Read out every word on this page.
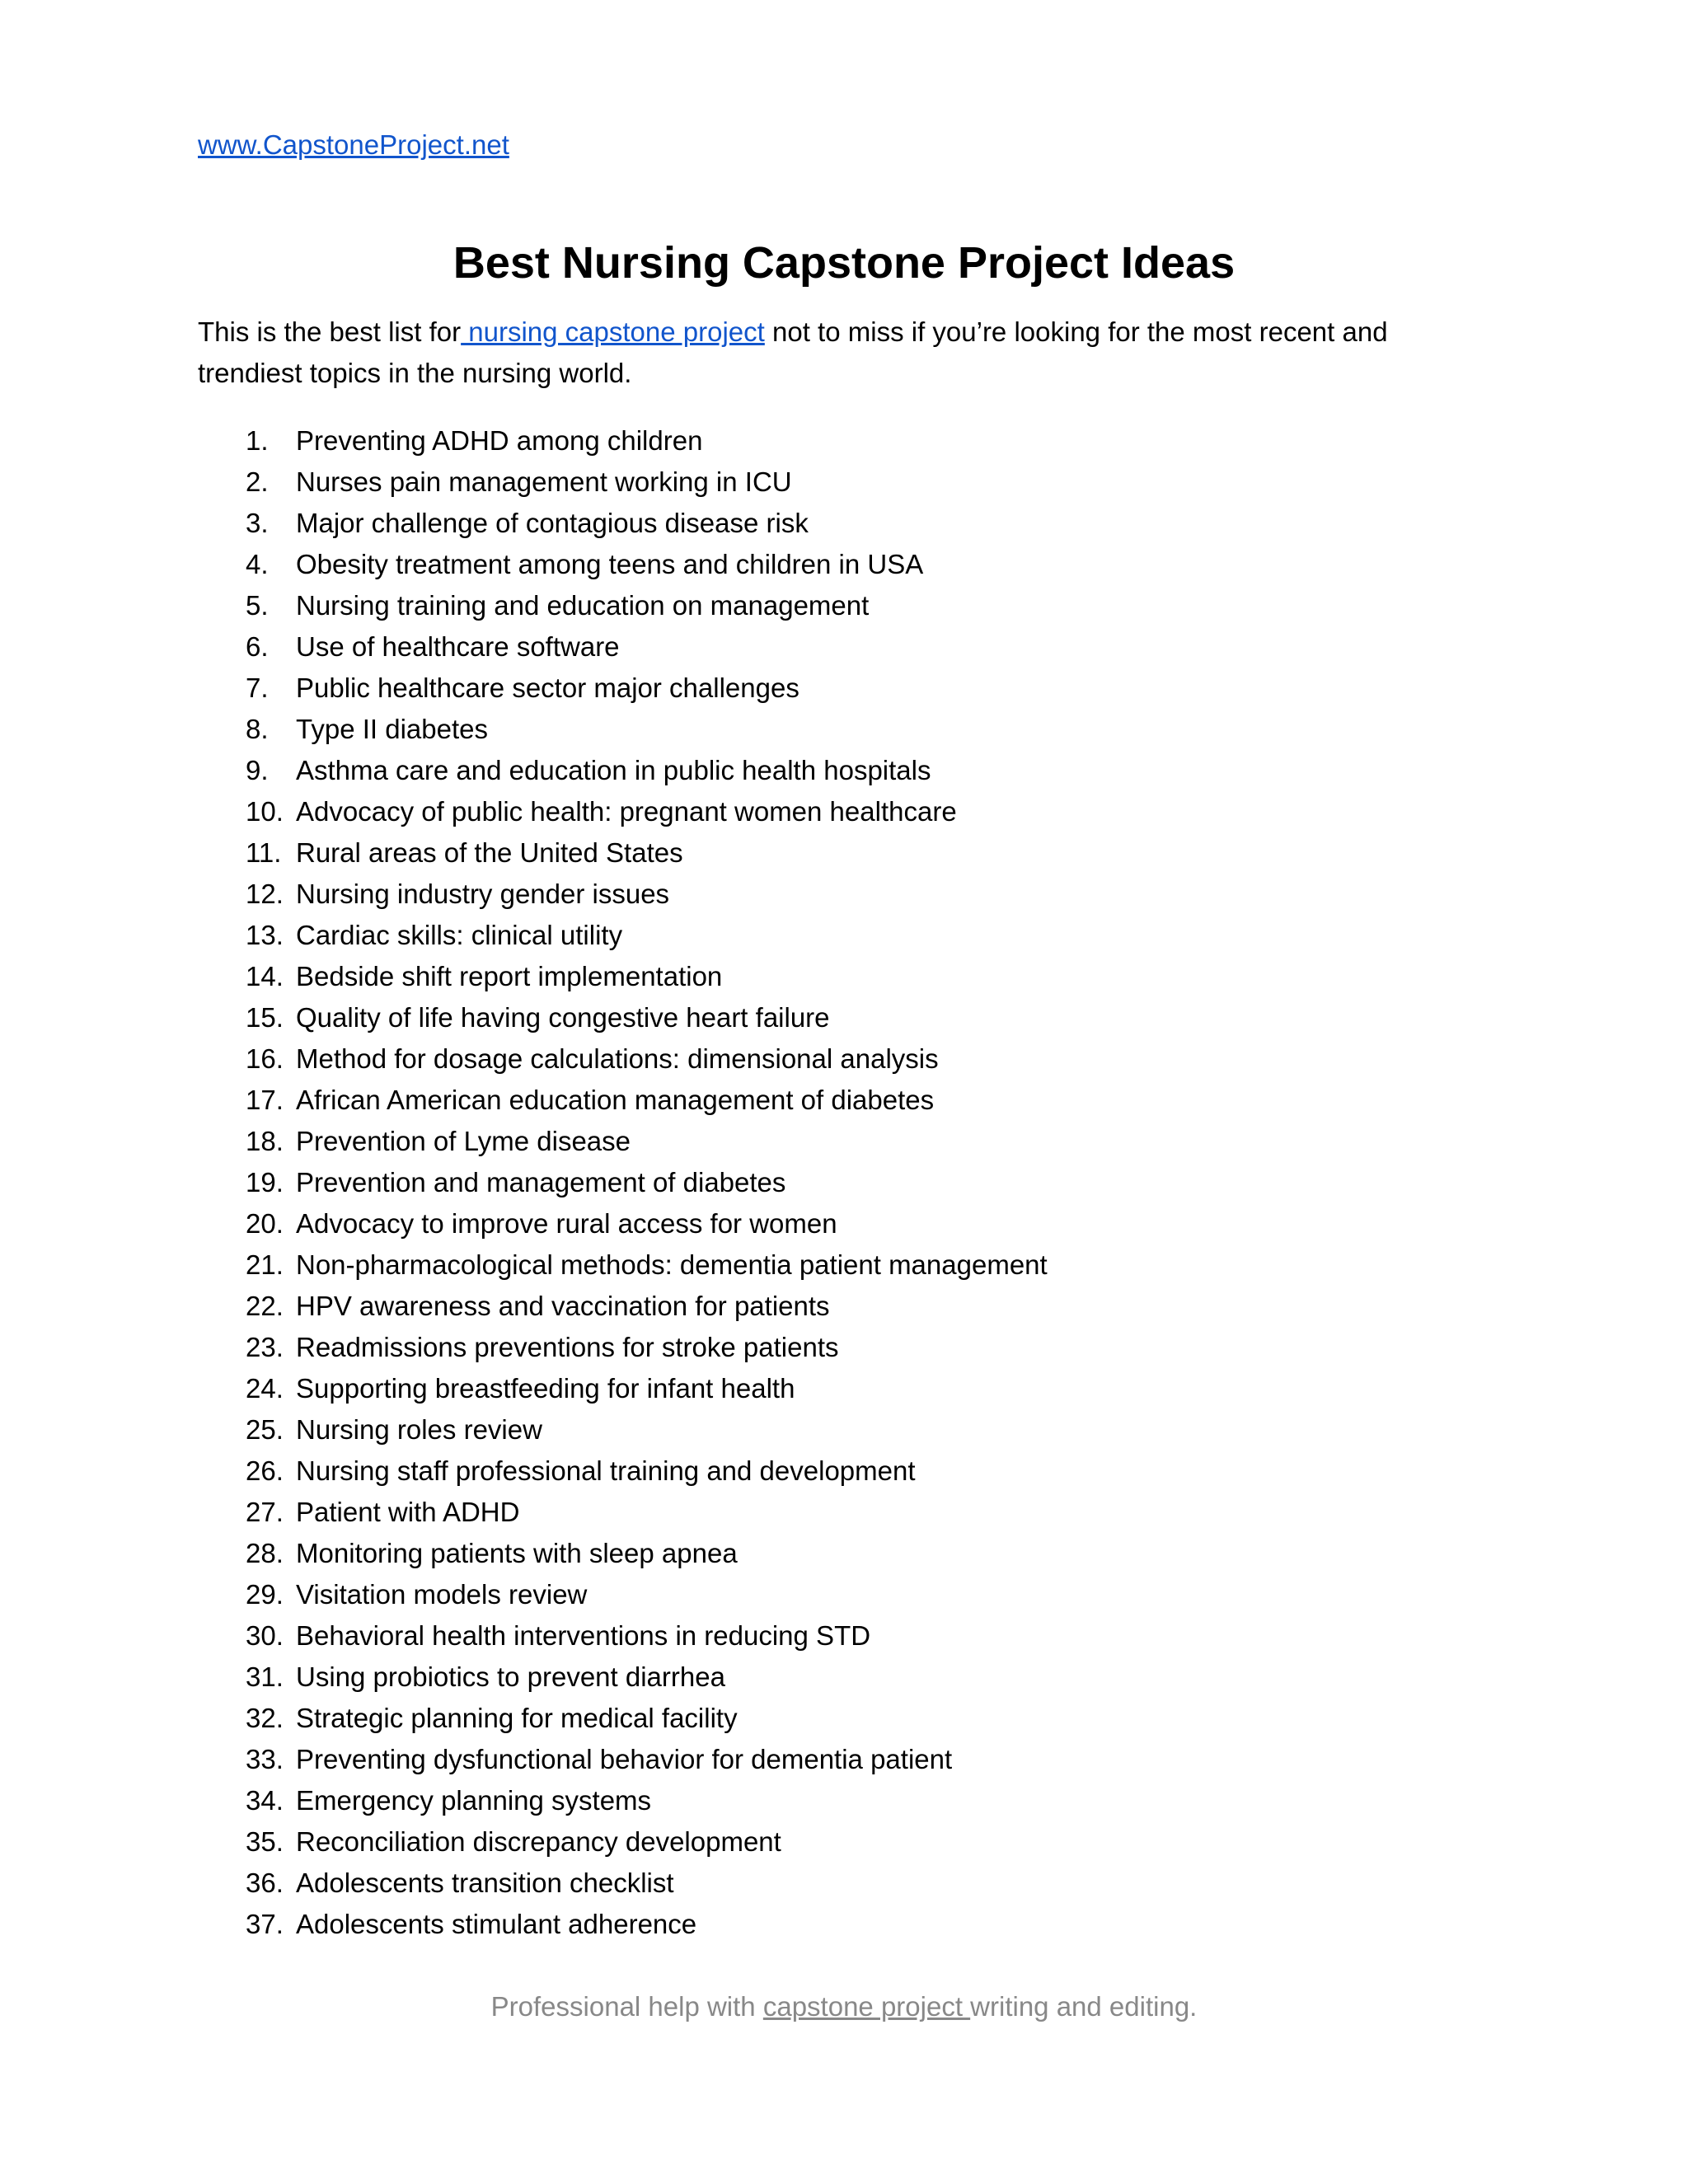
www.CapstoneProject.net
Best Nursing Capstone Project Ideas

This is the best list for nursing capstone project not to miss if you’re looking for the most recent and trendiest topics in the nursing world.

1. Preventing ADHD among children
2. Nurses pain management working in ICU
3. Major challenge of contagious disease risk
4. Obesity treatment among teens and children in USA
5. Nursing training and education on management
6. Use of healthcare software
7. Public healthcare sector major challenges
8. Type II diabetes
9. Asthma care and education in public health hospitals
10. Advocacy of public health: pregnant women healthcare
11. Rural areas of the United States
12. Nursing industry gender issues
13. Cardiac skills: clinical utility
14. Bedside shift report implementation
15. Quality of life having congestive heart failure
16. Method for dosage calculations: dimensional analysis
17. African American education management of diabetes
18. Prevention of Lyme disease
19. Prevention and management of diabetes
20. Advocacy to improve rural access for women
21. Non-pharmacological methods: dementia patient management
22. HPV awareness and vaccination for patients
23. Readmissions preventions for stroke patients
24. Supporting breastfeeding for infant health
25. Nursing roles review
26. Nursing staff professional training and development
27. Patient with ADHD
28. Monitoring patients with sleep apnea
29. Visitation models review
30. Behavioral health interventions in reducing STD
31. Using probiotics to prevent diarrhea
32. Strategic planning for medical facility
33. Preventing dysfunctional behavior for dementia patient
34. Emergency planning systems
35. Reconciliation discrepancy development
36. Adolescents transition checklist
37. Adolescents stimulant adherence

Professional help with capstone project writing and editing.
